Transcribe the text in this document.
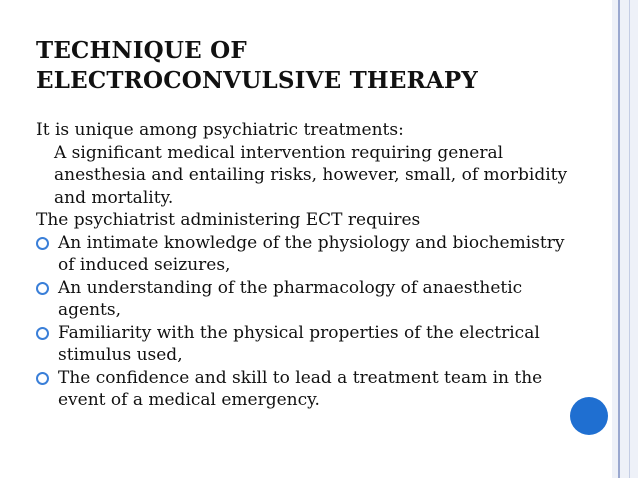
TECHNIQUE OF
ELECTROCONVULSIVE THERAPY

It is unique among psychiatric treatments:

A significant medical intervention requiring general anesthesia and entailing risks, however, small, of morbidity and mortality.

The psychiatrist administering ECT requires

An intimate knowledge of the physiology and biochemistry of induced seizures,
An understanding of the pharmacology of anaesthetic agents,
Familiarity with the physical properties of the electrical stimulus used,
The confidence and skill to lead a treatment team in the event of a medical emergency.
